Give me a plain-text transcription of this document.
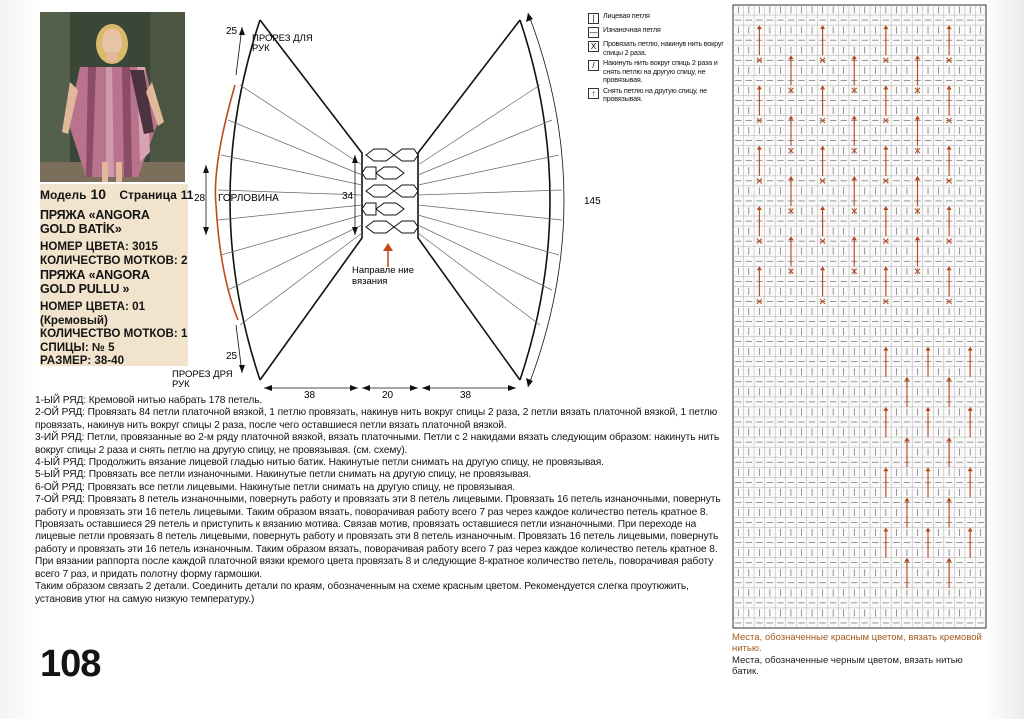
Модель 10 Страница 11
ПРЯЖА «ANGORA
GOLD BATİK»
НОМЕР ЦВЕТА: 3015
КОЛИЧЕСТВО МОТКОВ: 2
ПРЯЖА «ANGORA
GOLD PULLU »
НОМЕР ЦВЕТА: 01
(Кремовый)
КОЛИЧЕСТВО МОТКОВ: 1
СПИЦЫ: № 5
РАЗМЕР: 38-40
25
ПРОРЕЗ ДЛЯ
РУК
28 ГОРЛОВИНА	34	145
Направле ние
вязания
25
ПРОРЕЗ ДРЯ
РУК
38	20	38
|	Лицевая петля
— Изнаночная петля
X Провязать петлю, накинув нить вокруг спицы 2 раза.
/	Накинуть нить вокруг спиць 2 раза и снять петлю на другую спицу, не провязывая.
↑	Снять петлю на другую спицу, не провязывая.
Места, обозначенные красным цветом, вязать кремовой нитью.
Места, обозначенные черным цветом, вязать нитью батик.

1-ЫЙ РЯД: Кремовой нитью набрать 178 петель.

2-ОЙ РЯД: Провязать 84 петли платочной вязкой, 1 петлю провязать, накинув нить вокруг спицы 2 раза, 2 петли вязать платочной вязкой, 1 петлю провязать, накинув нить вокруг спицы 2 раза, после чего оставшиеся петли вязать платочной вязкой.

3-ИЙ РЯД: Петли, провязанные во 2-м ряду платочной вязкой, вязать платочными. Петли с 2 накидами вязать следующим образом: накинуть нить вокруг спицы 2 раза и снять петлю на другую спицу, не провязывая. (см. схему).

4-ЫЙ РЯД: Продолжить вязание лицевой гладью нитью батик. Накинутые петли снимать на другую спицу, не провязывая.

5-ЫЙ РЯД: Провязать все петли изнаночными. Накинутые петли снимать на другую спицу, не провязывая.

6-ОЙ РЯД: Провязать все петли лицевыми. Накинутые петли снимать на другую спицу, не провязывая.

7-ОЙ РЯД: Провязать 8 петель изнаночными, повернуть работу и провязать эти 8 петель лицевыми. Провязать 16 петель изнаночными, повернуть работу и провязать эти 16 петель лицевыми. Таким образом вязать, поворачивая работу всего 7 раз через каждое количество петель кратное 8. Провязать оставшиеся 29 петель и приступить к вязанию мотива. Связав мотив, провязать оставшиеся петли изнаночными. При переходе на лицевые петли провязать 8 петель лицевыми, повернуть работу и провязать эти 8 петель изнаночным. Провязать 16 петель лицевыми, повернуть работу и провязать эти 16 петель изнаночным. Таким образом вязать, поворачивая работу всего 7 раз через каждое количество петель кратное 8.

При вязании раппорта после каждой платочной вязки кремого цвета провязать 8 и следующие 8-кратное количество петель, поворачивая работу всего 7 раз, и придать полотну форму гармошки.

Таким образом связать 2 детали. Соединить детали по краям, обозначенным на схеме красным цветом. Рекомендуется слегка проутюжить, установив утюг на самую низкую температуру.)

108
